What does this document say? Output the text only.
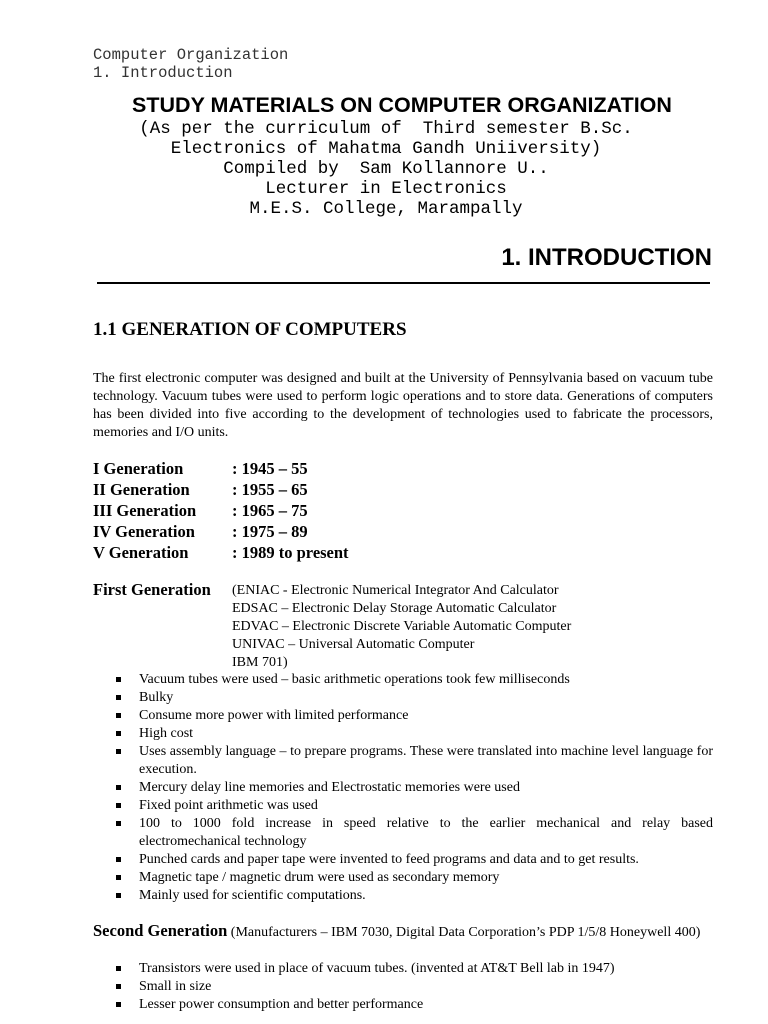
Computer Organization
1. Introduction
STUDY MATERIALS ON COMPUTER ORGANIZATION
(As per the curriculum of  Third semester B.Sc.
Electronics of Mahatma Gandh Uniiversity)
Compiled by  Sam Kollannore U..
Lecturer in Electronics
M.E.S. College, Marampally
1. INTRODUCTION
1.1 GENERATION OF COMPUTERS
The first electronic computer was designed and built at the University of Pennsylvania based on vacuum tube technology. Vacuum tubes were used to perform logic operations and to store data. Generations of computers has been divided into five according to the development of technologies used to fabricate the processors, memories and I/O units.
I Generation	: 1945 – 55
II Generation	: 1955 – 65
III Generation	: 1965 – 75
IV Generation	: 1975 – 89
V Generation	: 1989 to present
First Generation (ENIAC - Electronic Numerical Integrator And Calculator
EDSAC – Electronic Delay Storage Automatic Calculator
EDVAC – Electronic Discrete Variable Automatic Computer
UNIVAC – Universal Automatic Computer
IBM 701)
Vacuum tubes were used – basic arithmetic operations took few milliseconds
Bulky
Consume more power with limited performance
High cost
Uses assembly language – to prepare programs. These were translated into machine level language for execution.
Mercury delay line memories and Electrostatic memories were used
Fixed point arithmetic was used
100 to 1000 fold increase in speed relative to the earlier mechanical and relay based electromechanical technology
Punched cards and paper tape were invented to feed programs and data and to get results.
Magnetic tape / magnetic drum were used as secondary memory
Mainly used for scientific computations.
Second Generation (Manufacturers – IBM 7030, Digital Data Corporation’s PDP 1/5/8 Honeywell 400)
Transistors were used in place of vacuum tubes. (invented at AT&T Bell lab in 1947)
Small in size
Lesser power consumption and better performance
